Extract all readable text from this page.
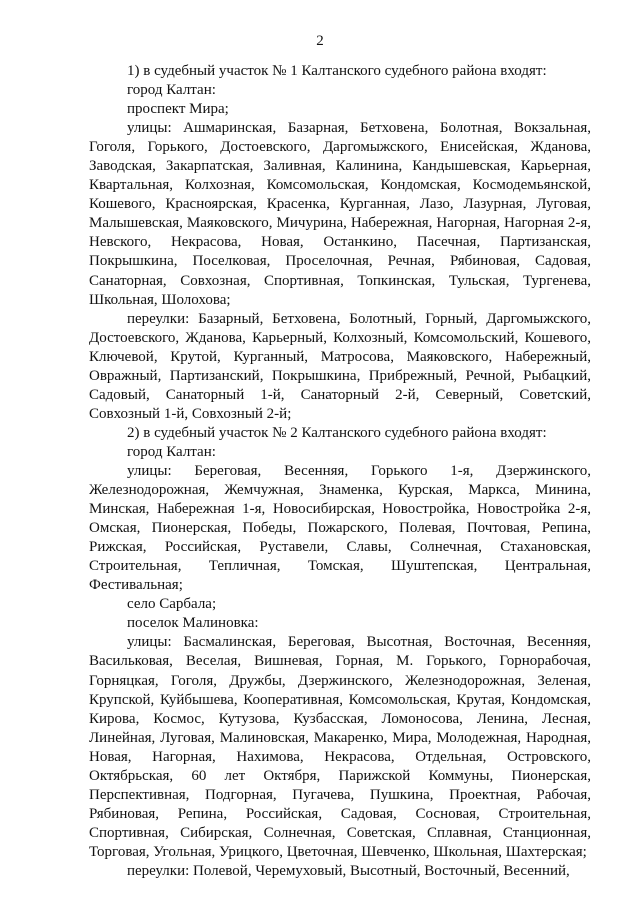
2

1) в судебный участок № 1 Калтанского судебного района входят:

город Калтан:

проспект Мира;

улицы: Ашмаринская, Базарная, Бетховена, Болотная, Вокзальная, Гоголя, Горького, Достоевского, Даргомыжского, Енисейская, Жданова, Заводская, Закарпатская, Заливная, Калинина, Кандышевская, Карьерная, Квартальная, Колхозная, Комсомольская, Кондомская, Космодемьянской, Кошевого, Красноярская, Красенка, Курганная, Лазо, Лазурная, Луговая, Малышевская, Маяковского, Мичурина, Набережная, Нагорная, Нагорная 2-я, Невского, Некрасова, Новая, Останкино, Пасечная, Партизанская, Покрышкина, Поселковая, Проселочная, Речная, Рябиновая, Садовая, Санаторная, Совхозная, Спортивная, Топкинская, Тульская, Тургенева, Школьная, Шолохова;

переулки: Базарный, Бетховена, Болотный, Горный, Даргомыжского, Достоевского, Жданова, Карьерный, Колхозный, Комсомольский, Кошевого, Ключевой, Крутой, Курганный, Матросова, Маяковского, Набережный, Овражный, Партизанский, Покрышкина, Прибрежный, Речной, Рыбацкий, Садовый, Санаторный 1-й, Санаторный 2-й, Северный, Советский, Совхозный 1-й, Совхозный 2-й;

2) в судебный участок № 2 Калтанского судебного района входят:

город Калтан:

улицы: Береговая, Весенняя, Горького 1-я, Дзержинского, Железнодорожная, Жемчужная, Знаменка, Курская, Маркса, Минина, Минская, Набережная 1-я, Новосибирская, Новостройка, Новостройка 2-я, Омская, Пионерская, Победы, Пожарского, Полевая, Почтовая, Репина, Рижская, Российская, Руставели, Славы, Солнечная, Стахановская, Строительная, Тепличная, Томская, Шуштепская, Центральная, Фестивальная;

село Сарбала;

поселок Малиновка:

улицы: Басмалинская, Береговая, Высотная, Восточная, Весенняя, Васильковая, Веселая, Вишневая, Горная, М. Горького, Горнорабочая, Горняцкая, Гоголя, Дружбы, Дзержинского, Железнодорожная, Зеленая, Крупской, Куйбышева, Кооперативная, Комсомольская, Крутая, Кондомская, Кирова, Космос, Кутузова, Кузбасская, Ломоносова, Ленина, Лесная, Линейная, Луговая, Малиновская, Макаренко, Мира, Молодежная, Народная, Новая, Нагорная, Нахимова, Некрасова, Отдельная, Островского, Октябрьская, 60 лет Октября, Парижской Коммуны, Пионерская, Перспективная, Подгорная, Пугачева, Пушкина, Проектная, Рабочая, Рябиновая, Репина, Российская, Садовая, Сосновая, Строительная, Спортивная, Сибирская, Солнечная, Советская, Сплавная, Станционная, Торговая, Угольная, Урицкого, Цветочная, Шевченко, Школьная, Шахтерская;

переулки: Полевой, Черемуховый, Высотный, Восточный, Весенний,
